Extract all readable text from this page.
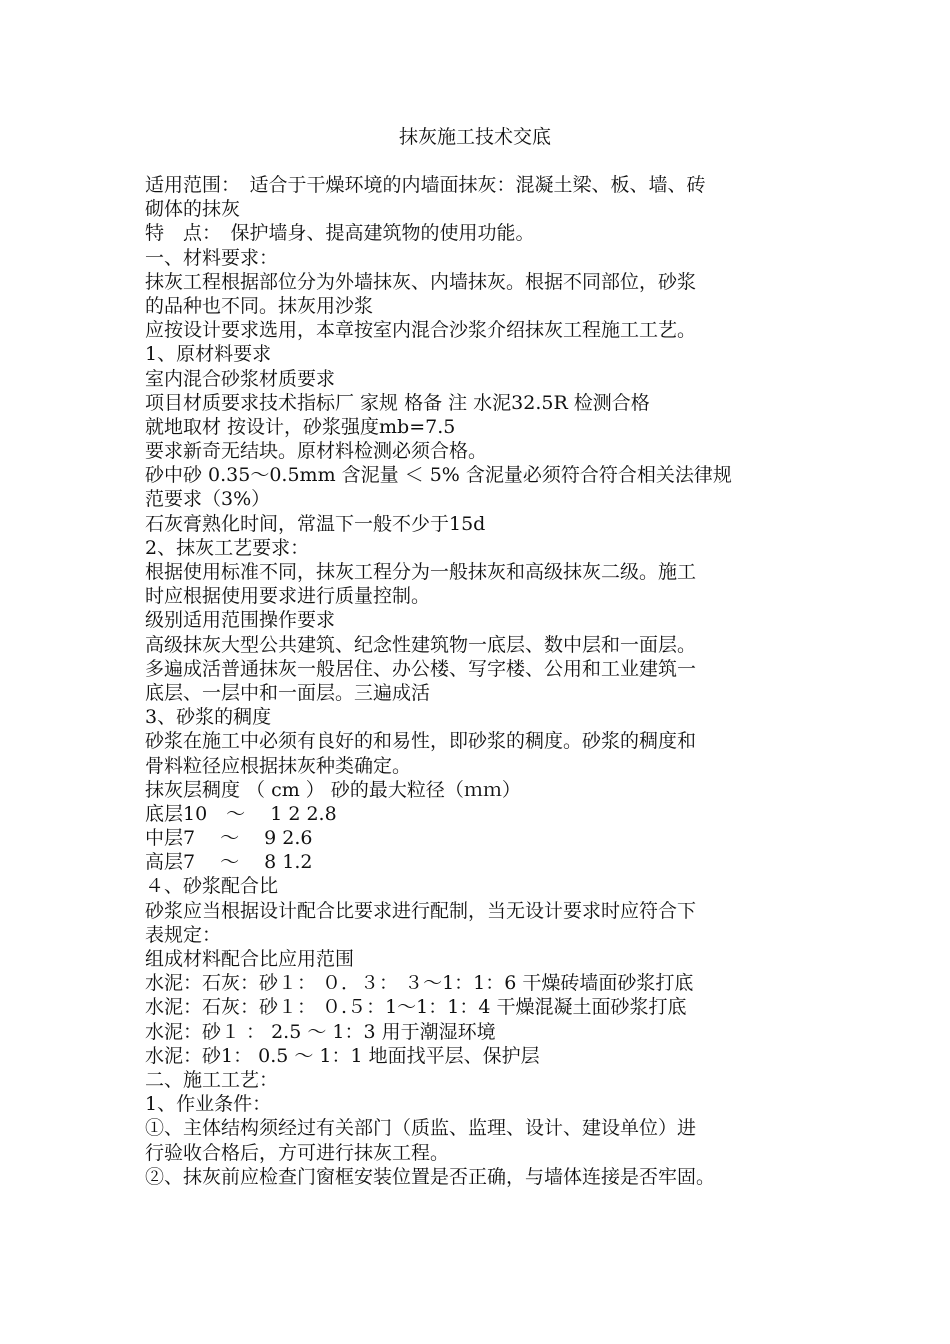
抹灰施工技术交底
适用范围：　适合于干燥环境的内墙面抹灰：混凝土梁、板、墙、砖
砌体的抹灰
特　点：　保护墙身、提高建筑物的使用功能。
一、材料要求：
抹灰工程根据部位分为外墙抹灰、内墙抹灰。根据不同部位，砂浆
的品种也不同。抹灰用沙浆
应按设计要求选用，本章按室内混合沙浆介绍抹灰工程施工工艺。
1、原材料要求
室内混合砂浆材质要求
项目材质要求技术指标厂 家规 格备 注 水泥32.5R 检测合格
就地取材 按设计，砂浆强度mb=7.5
要求新奇无结块。原材料检测必须合格。
砂中砂 0.35～0.5mm 含泥量 ＜ 5% 含泥量必须符合符合相关法律规
范要求（3%）
石灰膏熟化时间，常温下一般不少于15d
2、抹灰工艺要求：
根据使用标准不同，抹灰工程分为一般抹灰和高级抹灰二级。施工
时应根据使用要求进行质量控制。
级别适用范围操作要求
高级抹灰大型公共建筑、纪念性建筑物一底层、数中层和一面层。
多遍成活普通抹灰一般居住、办公楼、写字楼、公用和工业建筑一
底层、一层中和一面层。三遍成活
3、砂浆的稠度
砂浆在施工中必须有良好的和易性，即砂浆的稠度。砂浆的稠度和
骨料粒径应根据抹灰种类确定。
抹灰层稠度 （ cm ） 砂的最大粒径（ｍｍ）
底层10　～　 1 2 2.8
中层7　 ～　 9 2.6
高层7　 ～　 8 1.2
４、砂浆配合比
砂浆应当根据设计配合比要求进行配制，当无设计要求时应符合下
表规定：
组成材料配合比应用范围
水泥：石灰：砂１： ０．３： ３～1：1：6 干燥砖墙面砂浆打底
水泥：石灰：砂１： ０.５：1～1：1：4 干燥混凝土面砂浆打底
水泥：砂１ ： 2.5 ～ 1：3 用于潮湿环境
水泥：砂1： 0.5 ～ 1：1 地面找平层、保护层
二、施工工艺：
1、作业条件：
①、主体结构须经过有关部门（质监、监理、设计、建设单位）进
行验收合格后，方可进行抹灰工程。
②、抹灰前应检查门窗框安装位置是否正确，与墙体连接是否牢固。
